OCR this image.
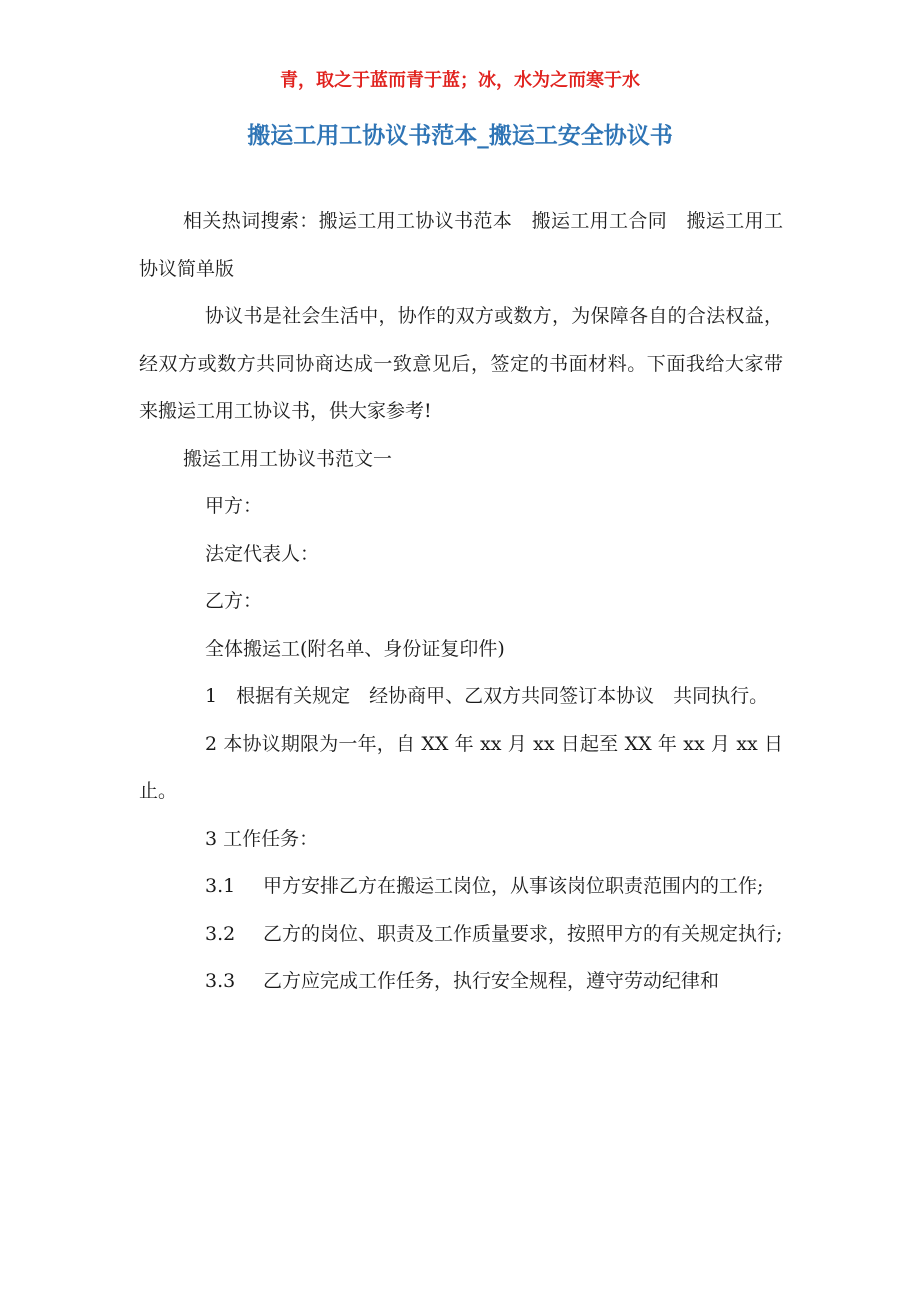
青，取之于蓝而青于蓝；冰，水为之而寒于水
搬运工用工协议书范本_搬运工安全协议书

相关热词搜索：搬运工用工协议书范本　搬运工用工合同　搬运工用工协议简单版

协议书是社会生活中，协作的双方或数方，为保障各自的合法权益，经双方或数方共同协商达成一致意见后，签定的书面材料。下面我给大家带来搬运工用工协议书，供大家参考!

搬运工用工协议书范文一

甲方：

法定代表人：

乙方：

全体搬运工(附名单、身份证复印件)

1　根据有关规定　经协商甲、乙双方共同签订本协议　共同执行。

2 本协议期限为一年，自 XX 年 xx 月 xx 日起至 XX 年 xx 月 xx 日止。

3 工作任务：

3.1 甲方安排乙方在搬运工岗位，从事该岗位职责范围内的工作;

3.2 乙方的岗位、职责及工作质量要求，按照甲方的有关规定执行;

3.3 乙方应完成工作任务，执行安全规程，遵守劳动纪律和
